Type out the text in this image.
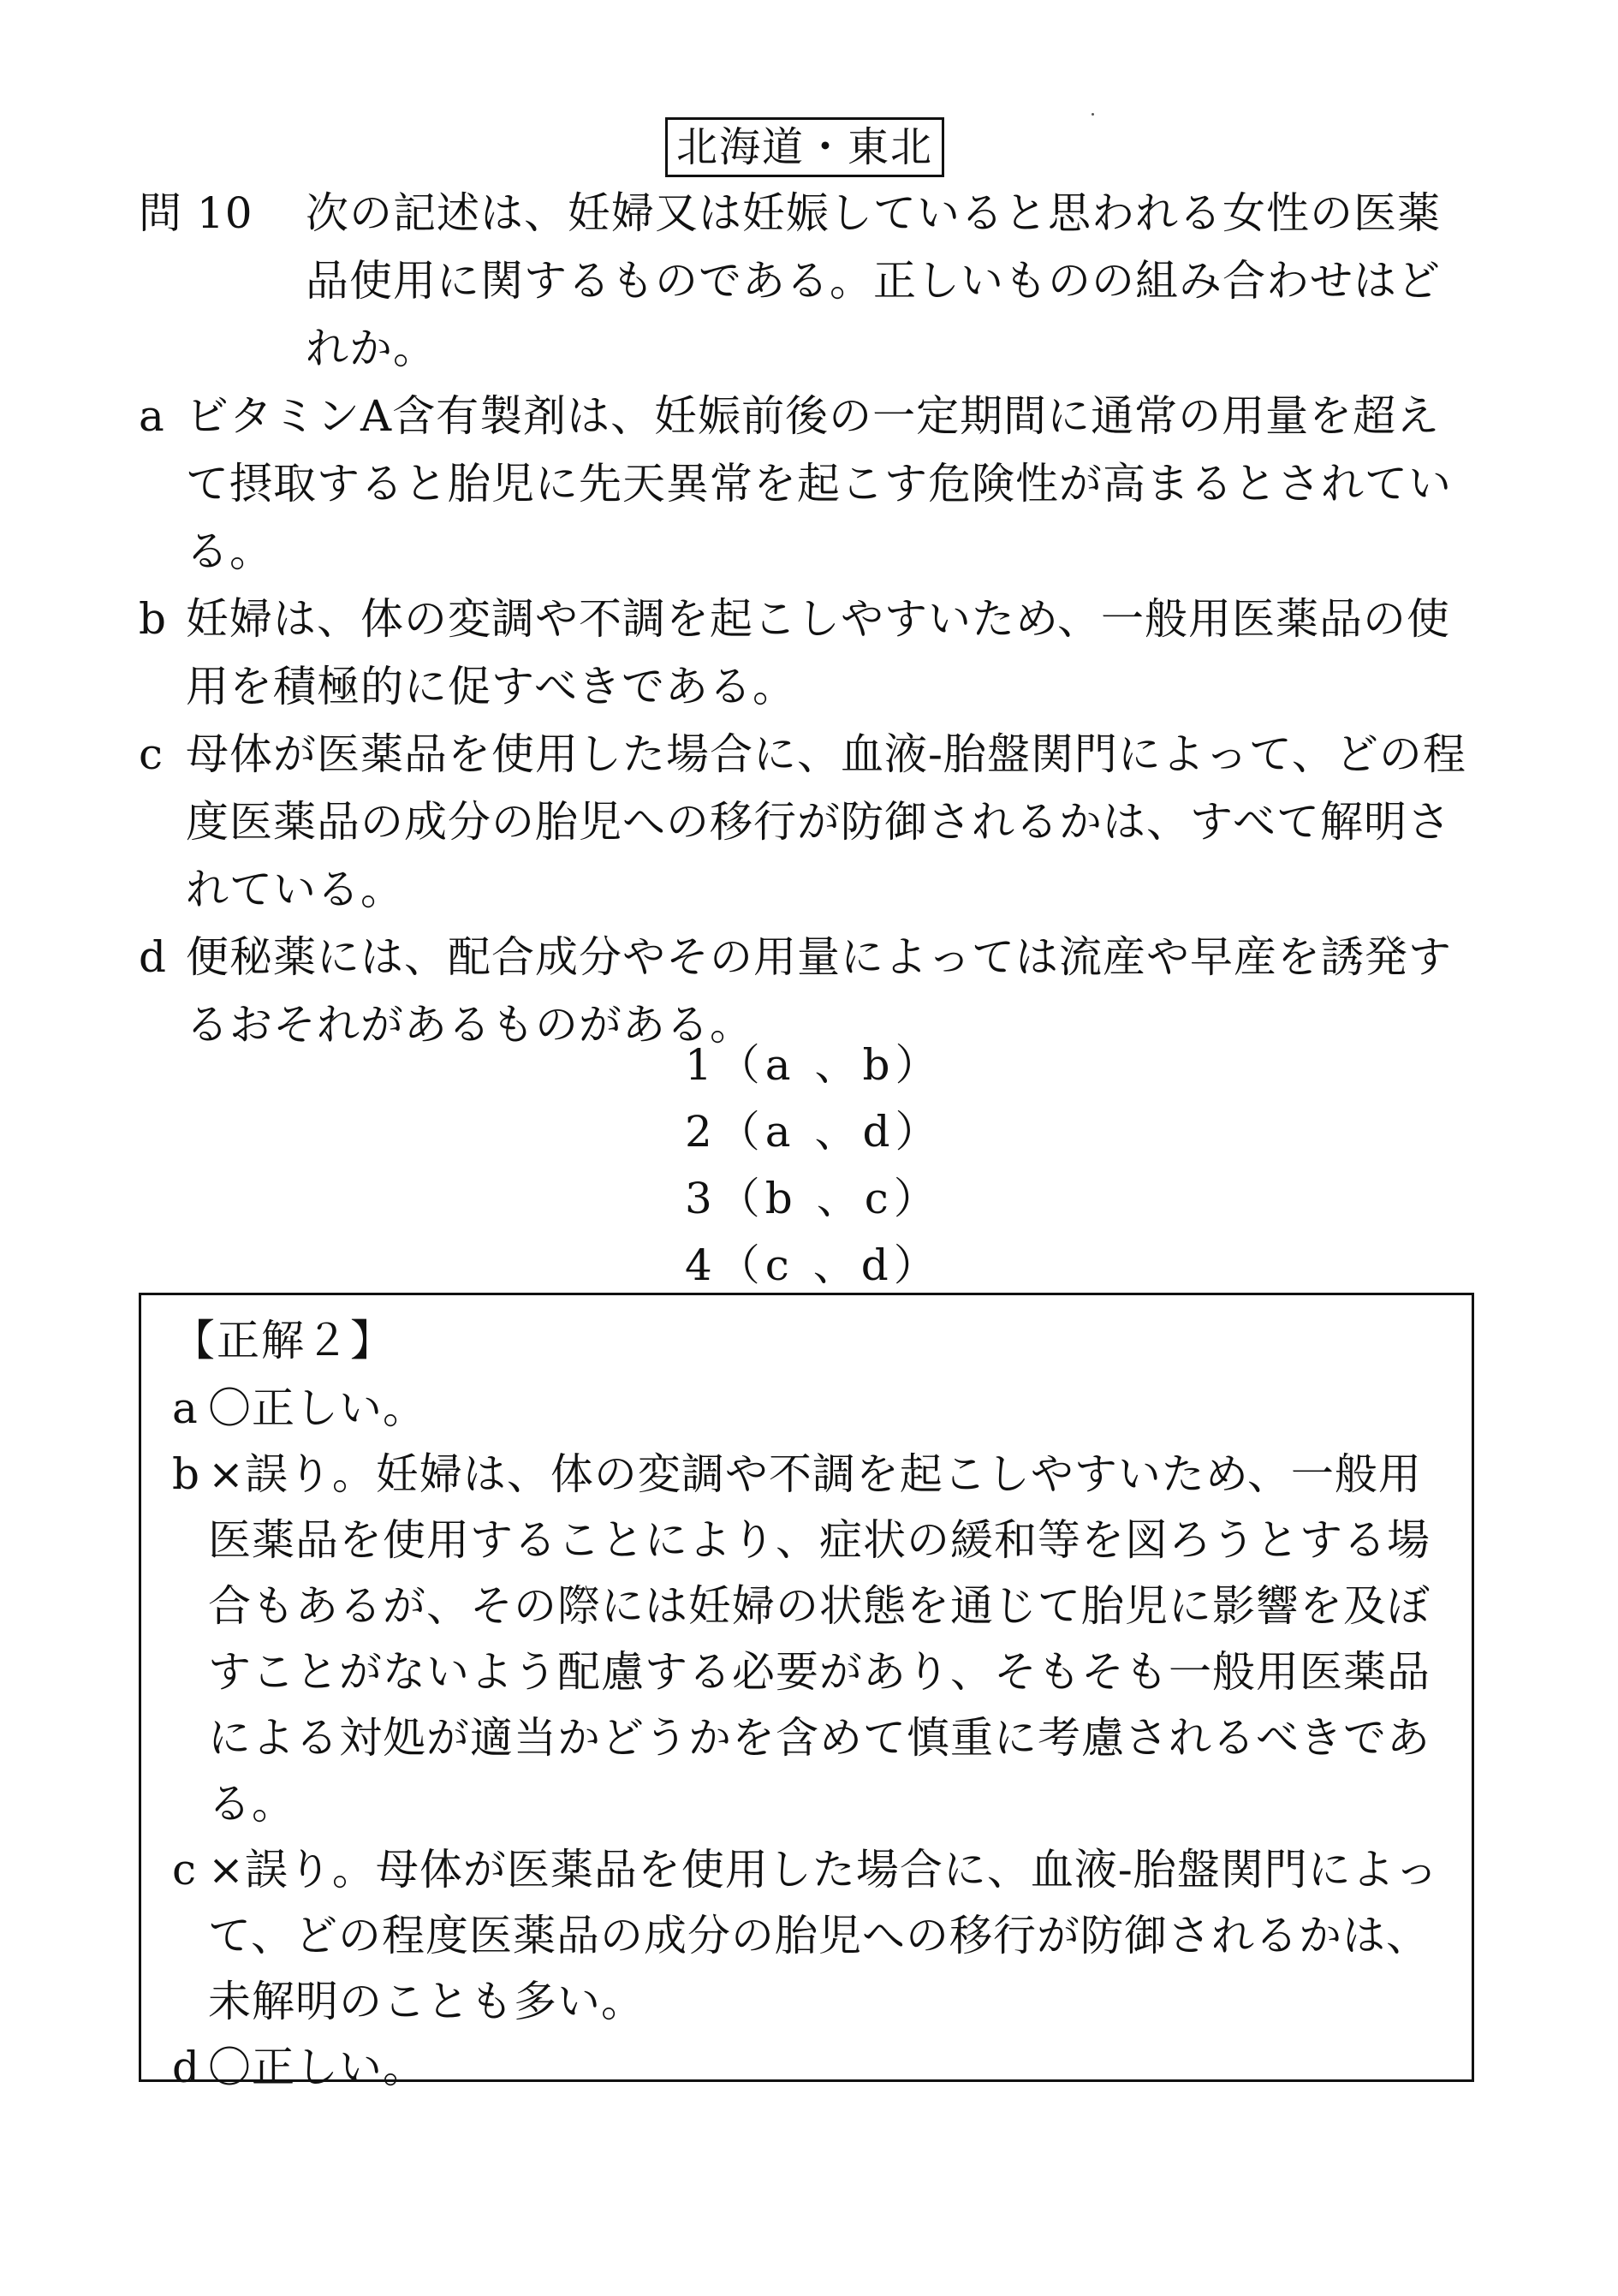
北海道・東北
問 10	次の記述は、妊婦又は妊娠していると思われる女性の医薬品使用に関するものである。正しいものの組み合わせはどれか。
a ビタミンA含有製剤は、妊娠前後の一定期間に通常の用量を超えて摂取すると胎児に先天異常を起こす危険性が高まるとされている。
b 妊婦は、体の変調や不調を起こしやすいため、一般用医薬品の使用を積極的に促すべきである。
c 母体が医薬品を使用した場合に、血液-胎盤関門によって、どの程度医薬品の成分の胎児への移行が防御されるかは、すべて解明されている。
d 便秘薬には、配合成分やその用量によっては流産や早産を誘発するおそれがあるものがある。
1（a 、b）
2（a 、d）
3（b 、c）
4（c 、d）
【正解２】
a 〇正しい。
b ×誤り。妊婦は、体の変調や不調を起こしやすいため、一般用医薬品を使用することにより、症状の緩和等を図ろうとする場合もあるが、その際には妊婦の状態を通じて胎児に影響を及ぼすことがないよう配慮する必要があり、そもそも一般用医薬品による対処が適当かどうかを含めて慎重に考慮されるべきである。
c ×誤り。母体が医薬品を使用した場合に、血液-胎盤関門によって、どの程度医薬品の成分の胎児への移行が防御されるかは、未解明のことも多い。
d 〇正しい。
